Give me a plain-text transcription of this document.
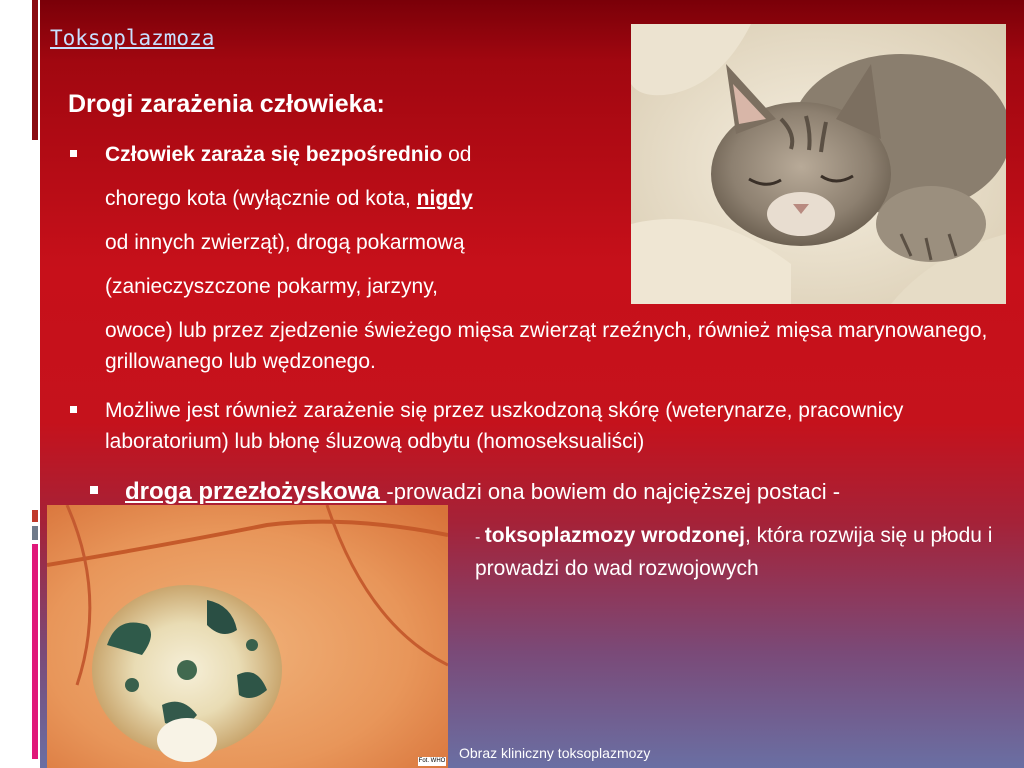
Toksoplazmoza
Drogi zarażenia człowieka:
Człowiek zaraża się bezpośrednio od
chorego kota (wyłącznie od kota, nigdy
od innych zwierząt), drogą pokarmową
(zanieczyszczone pokarmy, jarzyny,
owoce) lub przez zjedzenie świeżego mięsa zwierząt rzeźnych, również mięsa marynowanego, grillowanego lub wędzonego.
Możliwe jest również zarażenie się przez uszkodzoną skórę (weterynarze, pracownicy laboratorium) lub błonę śluzową odbytu (homoseksualiści)
droga przezłożyskowa -prowadzi ona bowiem do najcięższej postaci -
- toksoplazmozy wrodzonej, która rozwija się u płodu i prowadzi do wad rozwojowych
Fot. WHO Obraz kliniczny toksoplazmozy
